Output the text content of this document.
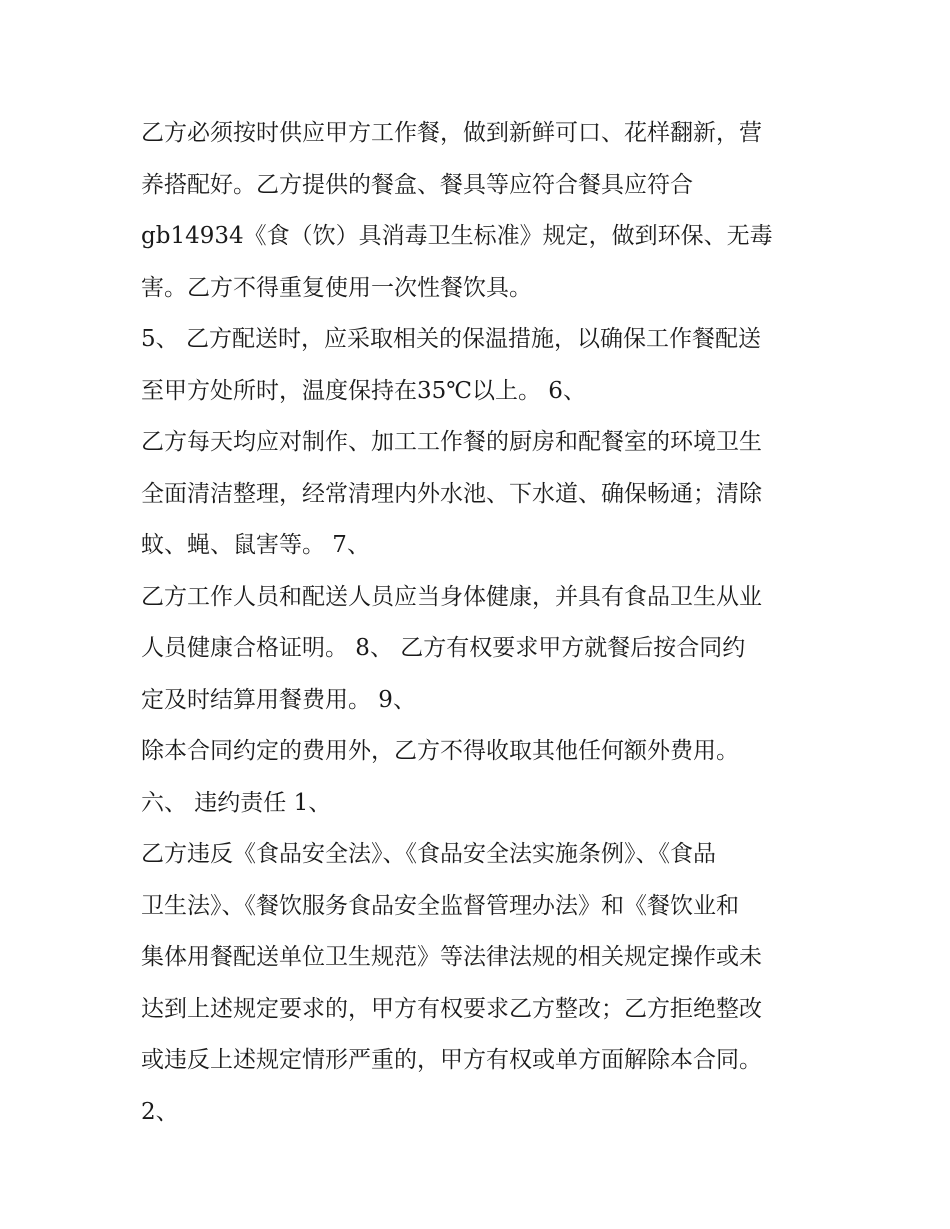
乙方必须按时供应甲方工作餐，做到新鲜可口、花样翻新，营
养搭配好。乙方提供的餐盒、餐具等应符合餐具应符合
gb14934《食（饮）具消毒卫生标准》规定，做到环保、无毒
害。乙方不得重复使用一次性餐饮具。
5、 乙方配送时，应采取相关的保温措施，以确保工作餐配送
至甲方处所时，温度保持在35℃以上。 6、
乙方每天均应对制作、加工工作餐的厨房和配餐室的环境卫生
全面清洁整理，经常清理内外水池、下水道、确保畅通；清除
蚊、蝇、鼠害等。 7、
乙方工作人员和配送人员应当身体健康，并具有食品卫生从业
人员健康合格证明。 8、 乙方有权要求甲方就餐后按合同约
定及时结算用餐费用。 9、
除本合同约定的费用外，乙方不得收取其他任何额外费用。
六、 违约责任 1、
乙方违反《食品安全法》、《食品安全法实施条例》、《食品
卫生法》、《餐饮服务食品安全监督管理办法》和《餐饮业和
集体用餐配送单位卫生规范》等法律法规的相关规定操作或未
达到上述规定要求的，甲方有权要求乙方整改；乙方拒绝整改
或违反上述规定情形严重的，甲方有权或单方面解除本合同。
2、
